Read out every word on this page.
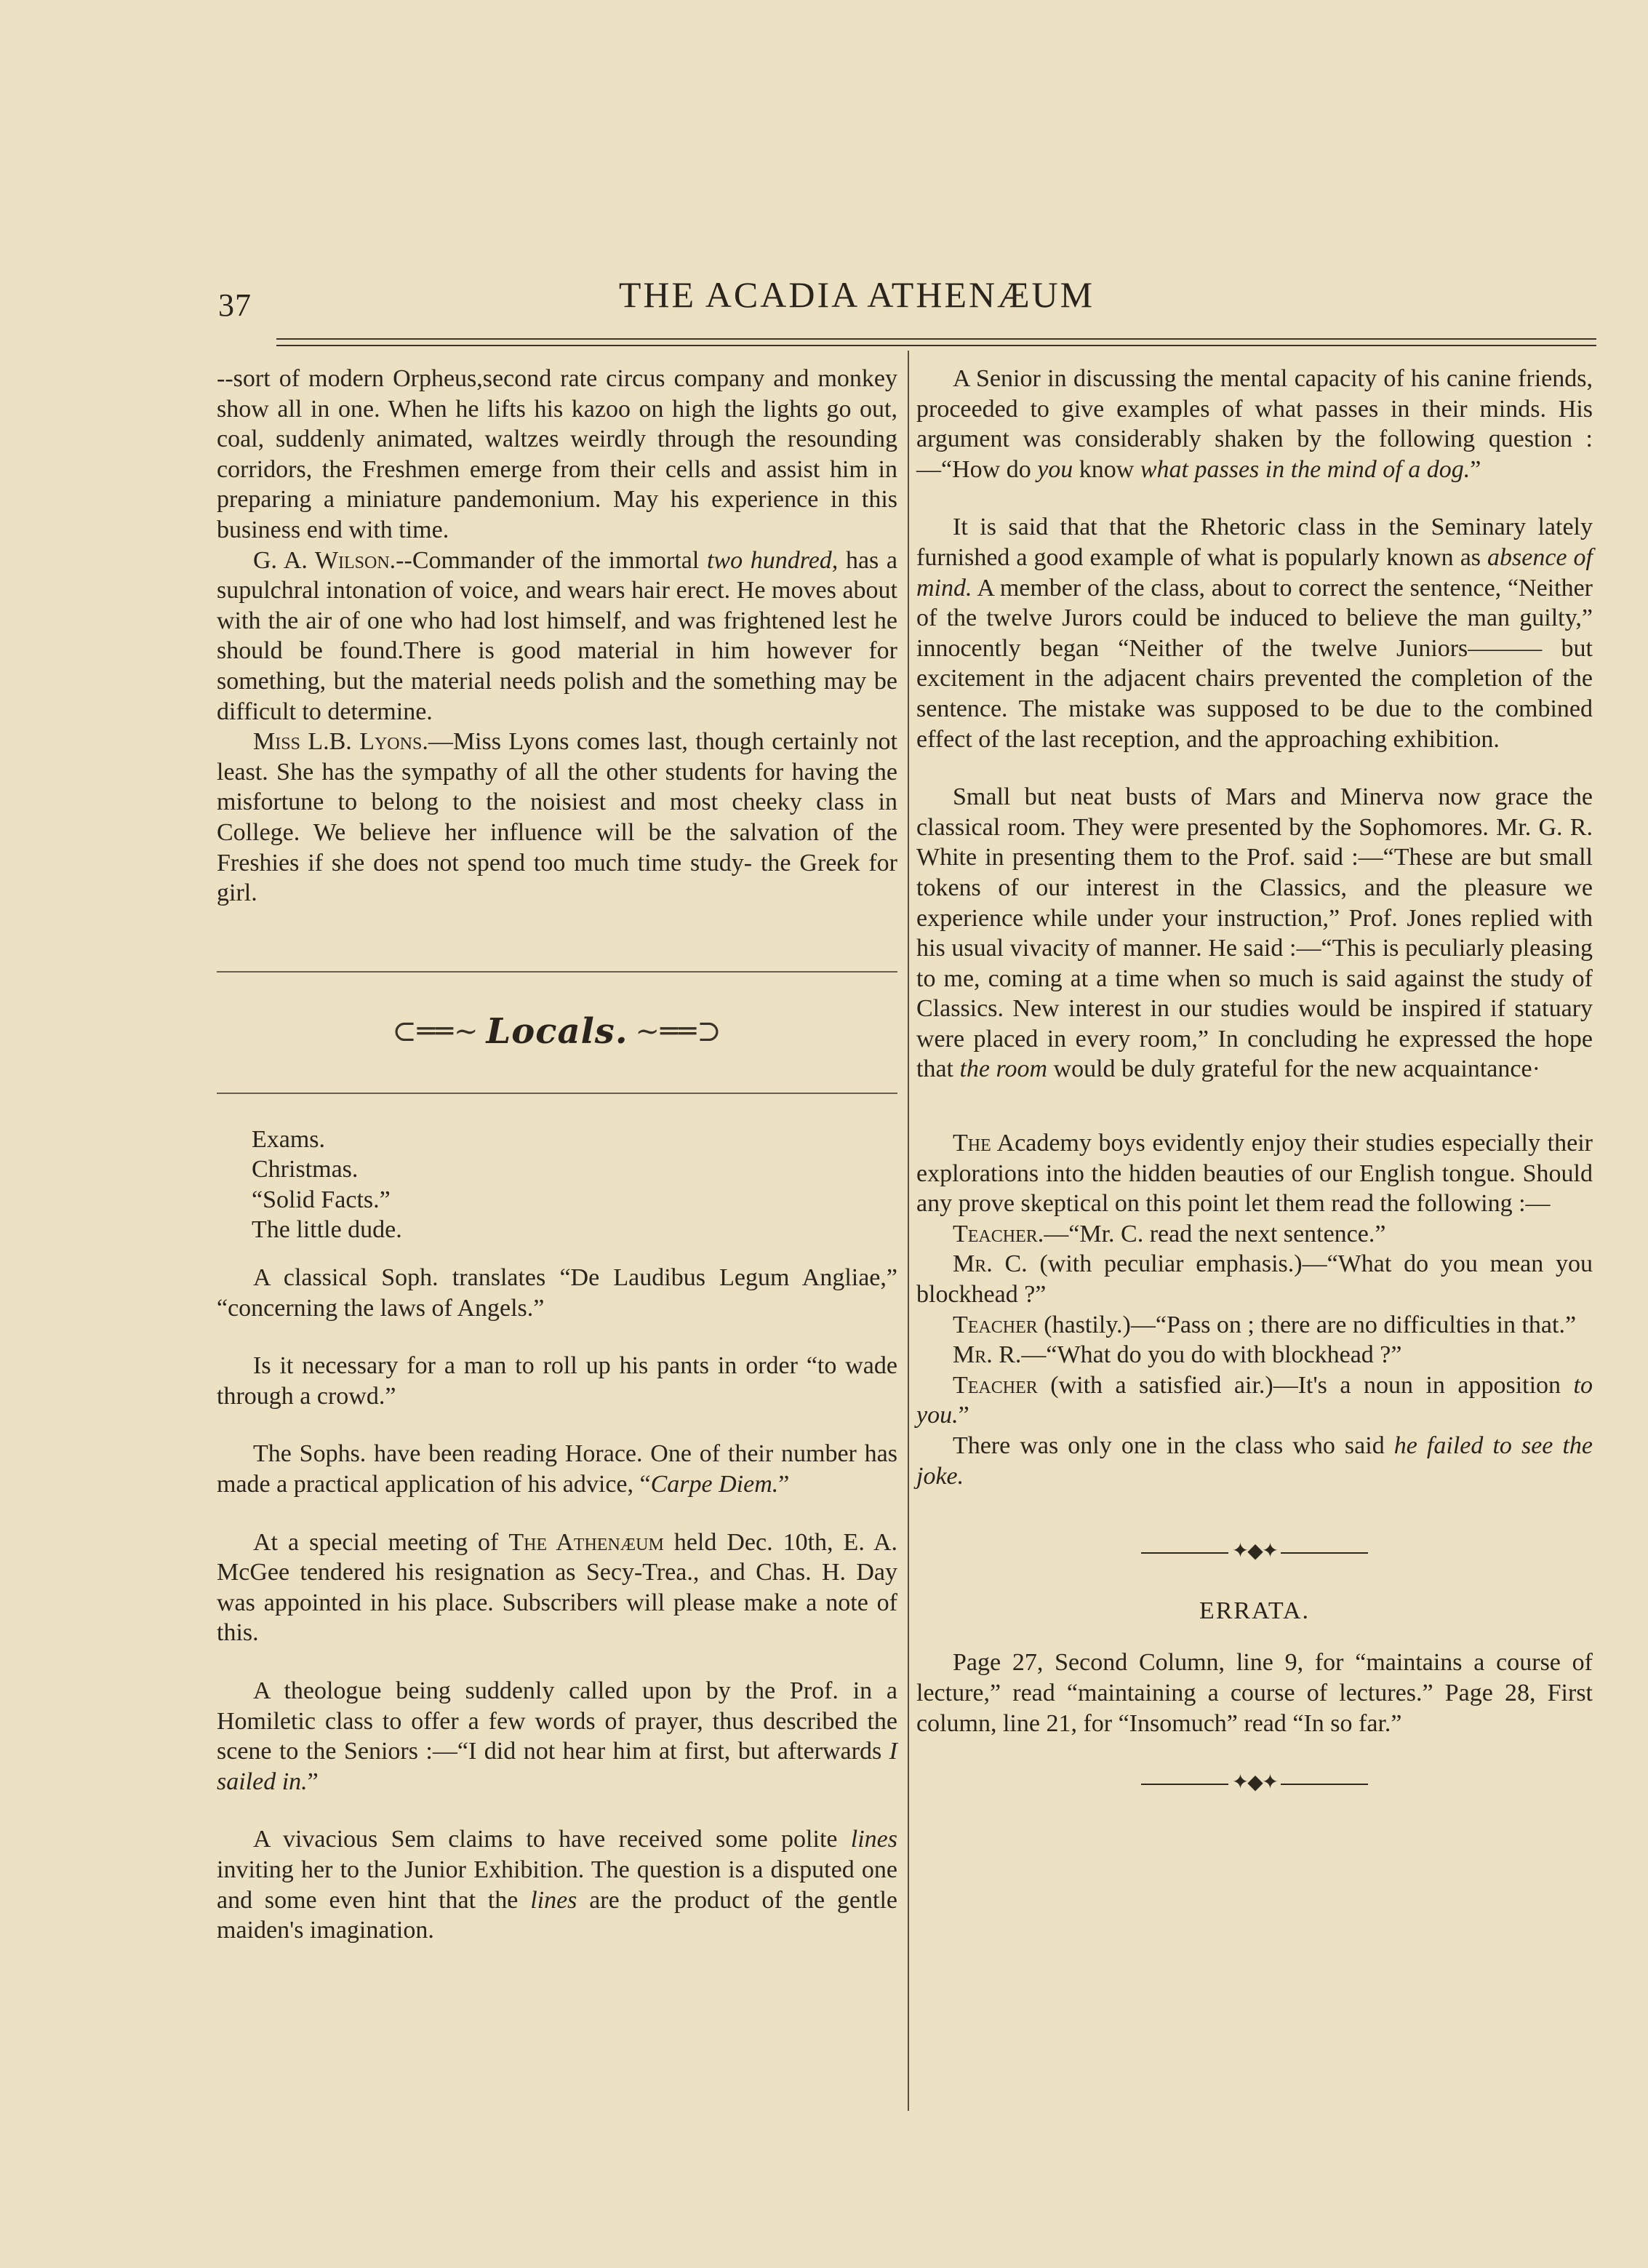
37	THE ACADIA ATHENÆUM

--sort of modern Orpheus,second rate circus company and monkey show all in one. When he lifts his kazoo on high the lights go out, coal, suddenly animated, waltzes weirdly through the resounding corridors, the Freshmen emerge from their cells and assist him in preparing a miniature pandemonium. May his experience in this business end with time.

G. A. Wilson.--Commander of the immortal two hundred, has a supulchral intonation of voice, and wears hair erect. He moves about with the air of one who had lost himself, and was frightened lest he should be found.There is good material in him however for something, but the material needs polish and the something may be difficult to determine.

Miss L.B. Lyons.—Miss Lyons comes last, though certainly not least. She has the sympathy of all the other students for having the misfortune to belong to the noisiest and most cheeky class in College. We believe her influence will be the salvation of the Freshies if she does not spend too much time study- the Greek for girl.

⊂══~ Locals. ~══⊃

Exams.

Christmas.

“Solid Facts.”

The little dude.

A classical Soph. translates “De Laudibus Legum Angliae,” “concerning the laws of Angels.”

Is it necessary for a man to roll up his pants in order “to wade through a crowd.”

The Sophs. have been reading Horace. One of their number has made a practical application of his advice, “Carpe Diem.”

At a special meeting of The Athenæum held Dec. 10th, E. A. McGee tendered his resignation as Secy-Trea., and Chas. H. Day was appointed in his place. Subscribers will please make a note of this.

A theologue being suddenly called upon by the Prof. in a Homiletic class to offer a few words of prayer, thus described the scene to the Seniors :—“I did not hear him at first, but afterwards I sailed in.”

A vivacious Sem claims to have received some polite lines inviting her to the Junior Exhibition. The question is a disputed one and some even hint that the lines are the product of the gentle maiden's imagination.

A Senior in discussing the mental capacity of his canine friends, proceeded to give examples of what passes in their minds. His argument was considerably shaken by the following question :—“How do you know what passes in the mind of a dog.”

It is said that that the Rhetoric class in the Seminary lately furnished a good example of what is popularly known as absence of mind. A member of the class, about to correct the sentence, “Neither of the twelve Jurors could be induced to believe the man guilty,” innocently began “Neither of the twelve Juniors——— but excitement in the adjacent chairs prevented the completion of the sentence. The mistake was supposed to be due to the combined effect of the last reception, and the approaching exhibition.

Small but neat busts of Mars and Minerva now grace the classical room. They were presented by the Sophomores. Mr. G. R. White in presenting them to the Prof. said :—“These are but small tokens of our interest in the Classics, and the pleasure we experience while under your instruction,” Prof. Jones replied with his usual vivacity of manner. He said :—“This is peculiarly pleasing to me, coming at a time when so much is said against the study of Classics. New interest in our studies would be inspired if statuary were placed in every room,” In concluding he expressed the hope that the room would be duly grateful for the new acquaintance·

The Academy boys evidently enjoy their studies especially their explorations into the hidden beauties of our English tongue. Should any prove skeptical on this point let them read the following :—

Teacher.—“Mr. C. read the next sentence.”

Mr. C. (with peculiar emphasis.)—“What do you mean you blockhead ?”

Teacher (hastily.)—“Pass on ; there are no difficulties in that.”

Mr. R.—“What do you do with blockhead ?”

Teacher (with a satisfied air.)—It's a noun in apposition to you.”

There was only one in the class who said he failed to see the joke.

✦◆✦
ERRATA.

Page 27, Second Column, line 9, for “maintains a course of lecture,” read “maintaining a course of lectures.” Page 28, First column, line 21, for “Insomuch” read “In so far.”

✦◆✦
